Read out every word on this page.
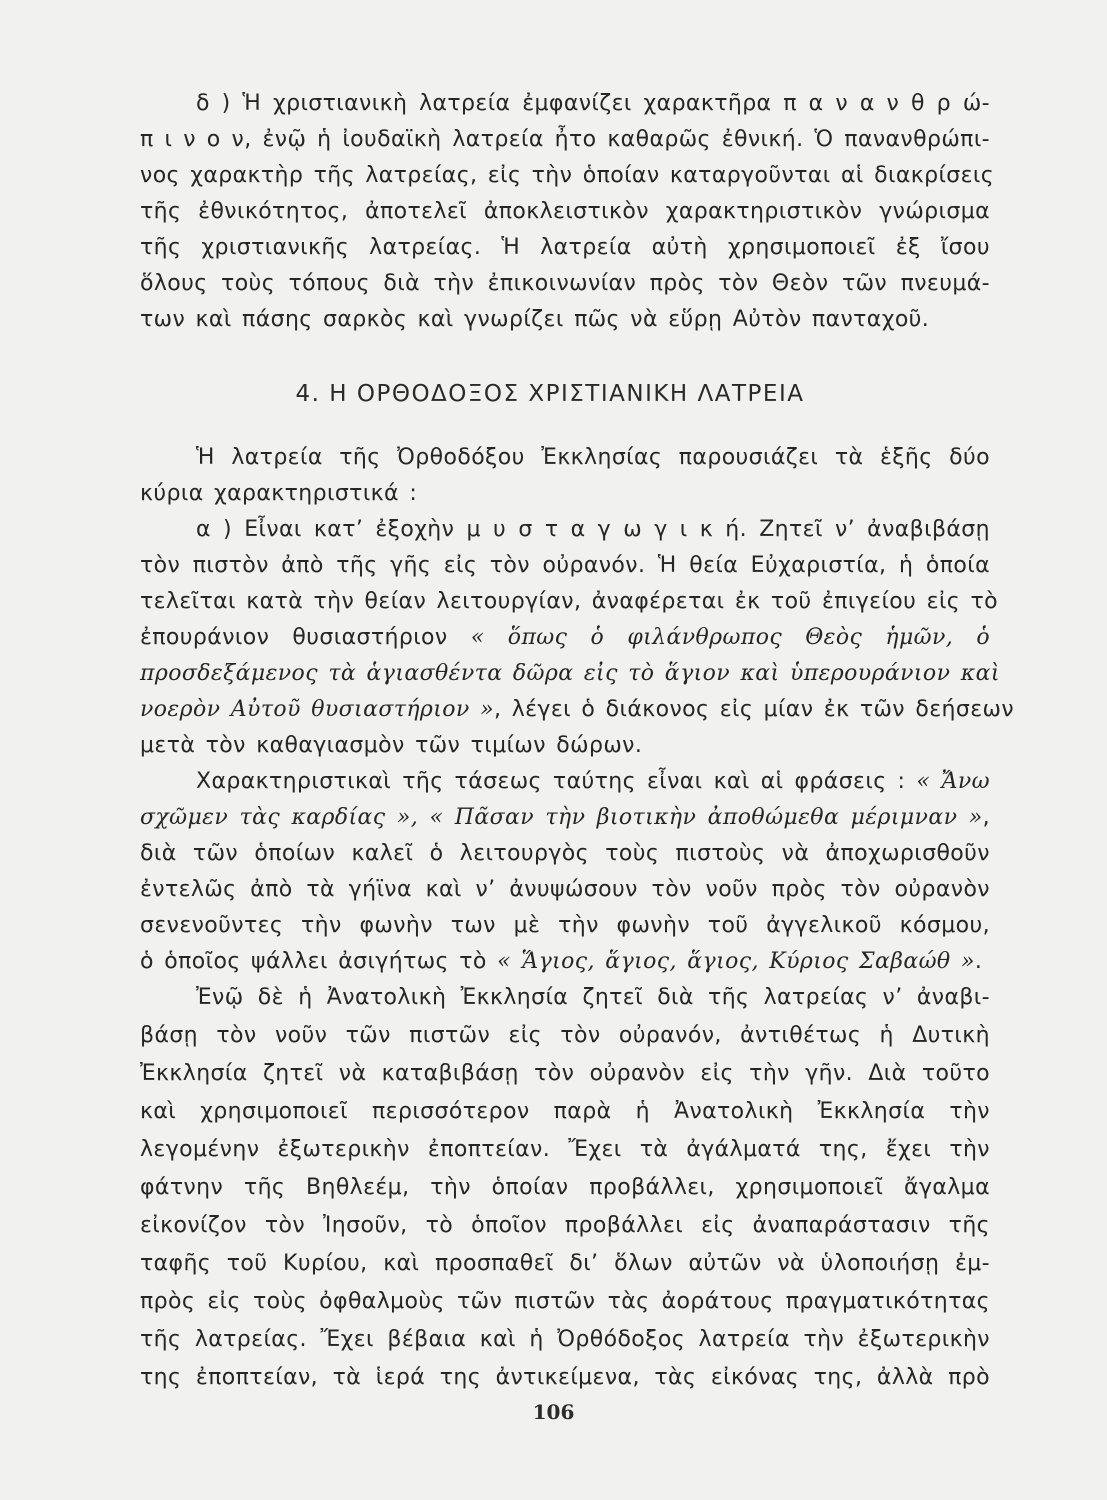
δ ) Ἡ χριστιανικὴ λατρεία ἐμφανίζει χαρακτῆρα π α ν α ν θ ρ ώ-
π ι ν ο ν, ἐνῷ ἡ ἰουδαϊκὴ λατρεία ἦτο καθαρῶς ἐθνική. Ὁ πανανθρώπι-
νος χαρακτὴρ τῆς λατρείας, εἰς τὴν ὁποίαν καταργοῦνται αἱ διακρίσεις
τῆς ἐθνικότητος, ἀποτελεῖ ἀποκλειστικὸν χαρακτηριστικὸν γνώρισμα
τῆς χριστιανικῆς λατρείας. Ἡ λατρεία αὐτὴ χρησιμοποιεῖ ἐξ ἴσου
ὅλους τοὺς τόπους διὰ τὴν ἐπικοινωνίαν πρὸς τὸν Θεὸν τῶν πνευμά-
των καὶ πάσης σαρκὸς καὶ γνωρίζει πῶς νὰ εὕρῃ Αὐτὸν πανταχοῦ.
4. Η ΟΡΘΟΔΟΞΟΣ ΧΡΙΣΤΙΑΝΙΚΗ ΛΑΤΡΕΙΑ
Ἡ λατρεία τῆς Ὀρθοδόξου Ἐκκλησίας παρουσιάζει τὰ ἑξῆς δύο
κύρια χαρακτηριστικά :
α ) Εἶναι κατ’ ἐξοχὴν μ υ σ τ α γ ω γ ι κ ή. Ζητεῖ ν’ ἀναβιβάσῃ
τὸν πιστὸν ἀπὸ τῆς γῆς εἰς τὸν οὐρανόν. Ἡ θεία Εὐχαριστία, ἡ ὁποία
τελεῖται κατὰ τὴν θείαν λειτουργίαν, ἀναφέρεται ἐκ τοῦ ἐπιγείου εἰς τὸ
ἐπουράνιον θυσιαστήριον « ὅπως ὁ φιλάνθρωπος Θεὸς ἡμῶν, ὁ
προσδεξάμενος τὰ ἁγιασθέντα δῶρα εἰς τὸ ἅγιον καὶ ὑπερουράνιον καὶ
νοερὸν Αὐτοῦ θυσιαστήριον », λέγει ὁ διάκονος εἰς μίαν ἐκ τῶν δεήσεων
μετὰ τὸν καθαγιασμὸν τῶν τιμίων δώρων.
Χαρακτηριστικαὶ τῆς τάσεως ταύτης εἶναι καὶ αἱ φράσεις : « Ἄνω
σχῶμεν τὰς καρδίας », « Πᾶσαν τὴν βιοτικὴν ἀποθώμεθα μέριμναν »,
διὰ τῶν ὁποίων καλεῖ ὁ λειτουργὸς τοὺς πιστοὺς νὰ ἀποχωρισθοῦν
ἐντελῶς ἀπὸ τὰ γήϊνα καὶ ν’ ἀνυψώσουν τὸν νοῦν πρὸς τὸν οὐρανὸν
σενενοῦντες τὴν φωνὴν των μὲ τὴν φωνὴν τοῦ ἀγγελικοῦ κόσμου,
ὁ ὁποῖος ψάλλει ἀσιγήτως τὸ « Ἅγιος, ἅγιος, ἅγιος, Κύριος Σαβαώθ ».
Ἐνῷ δὲ ἡ Ἀνατολικὴ Ἐκκλησία ζητεῖ διὰ τῆς λατρείας ν’ ἀναβι-
βάσῃ τὸν νοῦν τῶν πιστῶν εἰς τὸν οὐρανόν, ἀντιθέτως ἡ Δυτικὴ
Ἐκκλησία ζητεῖ νὰ καταβιβάσῃ τὸν οὐρανὸν εἰς τὴν γῆν. Διὰ τοῦτο
καὶ χρησιμοποιεῖ περισσότερον παρὰ ἡ Ἀνατολικὴ Ἐκκλησία τὴν
λεγομένην ἐξωτερικὴν ἐποπτείαν. Ἔχει τὰ ἀγάλματά της, ἔχει τὴν
φάτνην τῆς Βηθλεέμ, τὴν ὁποίαν προβάλλει, χρησιμοποιεῖ ἄγαλμα
εἰκονίζον τὸν Ἰησοῦν, τὸ ὁποῖον προβάλλει εἰς ἀναπαράστασιν τῆς
ταφῆς τοῦ Κυρίου, καὶ προσπαθεῖ δι’ ὅλων αὐτῶν νὰ ὑλοποιήσῃ ἐμ-
πρὸς εἰς τοὺς ὀφθαλμοὺς τῶν πιστῶν τὰς ἀοράτους πραγματικότητας
τῆς λατρείας. Ἔχει βέβαια καὶ ἡ Ὀρθόδοξος λατρεία τὴν ἐξωτερικὴν
της ἐποπτείαν, τὰ ἱερά της ἀντικείμενα, τὰς εἰκόνας της, ἀλλὰ πρὸ
106
